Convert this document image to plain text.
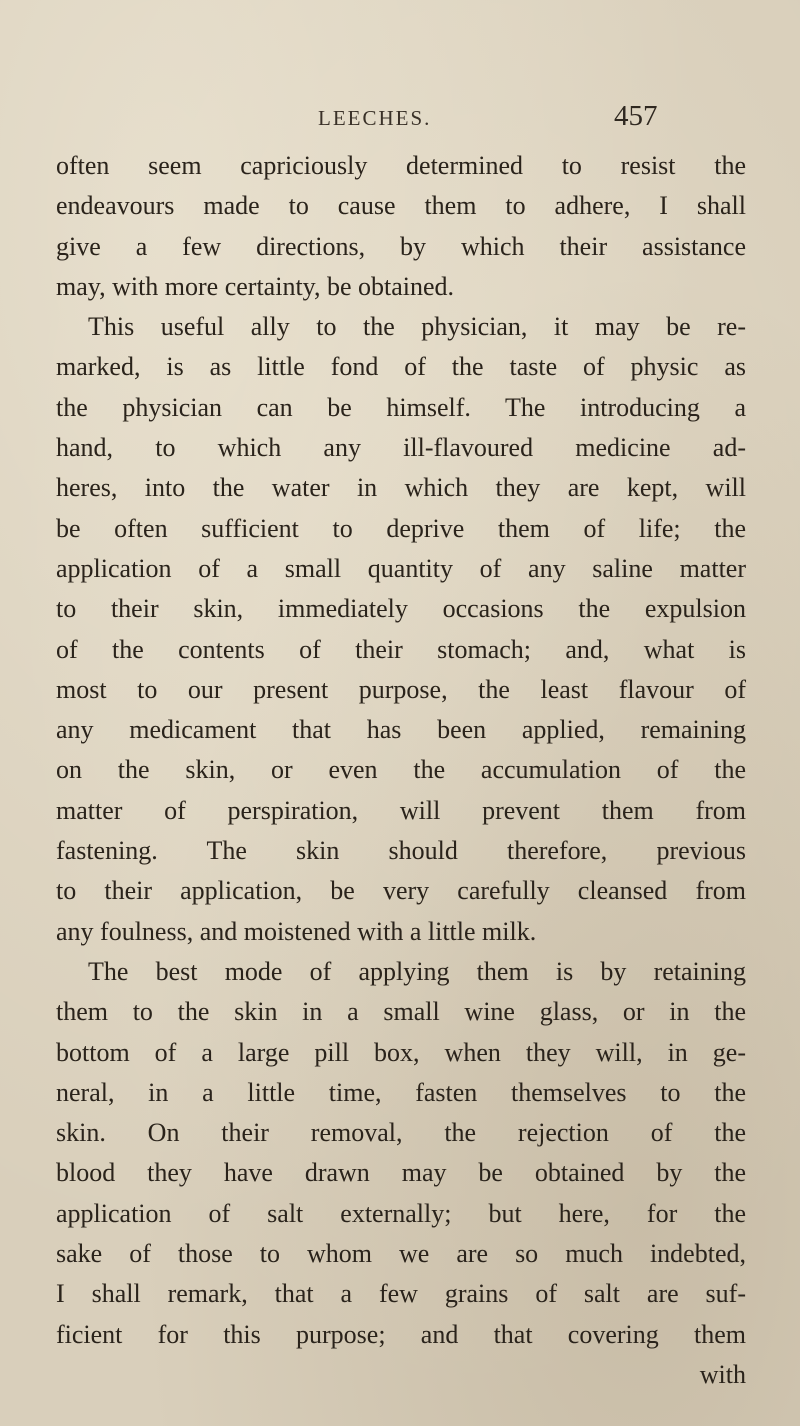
LEECHES.	457
often seem capriciously determined to resist the
endeavours made to cause them to adhere, I shall
give a few directions, by which their assistance
may, with more certainty, be obtained.
This useful ally to the physician, it may be re-
marked, is as little fond of the taste of physic as
the physician can be himself. The introducing a
hand, to which any ill-flavoured medicine ad-
heres, into the water in which they are kept, will
be often sufficient to deprive them of life; the
application of a small quantity of any saline matter
to their skin, immediately occasions the expulsion
of the contents of their stomach; and, what is
most to our present purpose, the least flavour of
any medicament that has been applied, remaining
on the skin, or even the accumulation of the
matter of perspiration, will prevent them from
fastening. The skin should therefore, previous
to their application, be very carefully cleansed from
any foulness, and moistened with a little milk.
The best mode of applying them is by retaining
them to the skin in a small wine glass, or in the
bottom of a large pill box, when they will, in ge-
neral, in a little time, fasten themselves to the
skin. On their removal, the rejection of the
blood they have drawn may be obtained by the
application of salt externally; but here, for the
sake of those to whom we are so much indebted,
I shall remark, that a few grains of salt are suf-
ficient for this purpose; and that covering them
with
